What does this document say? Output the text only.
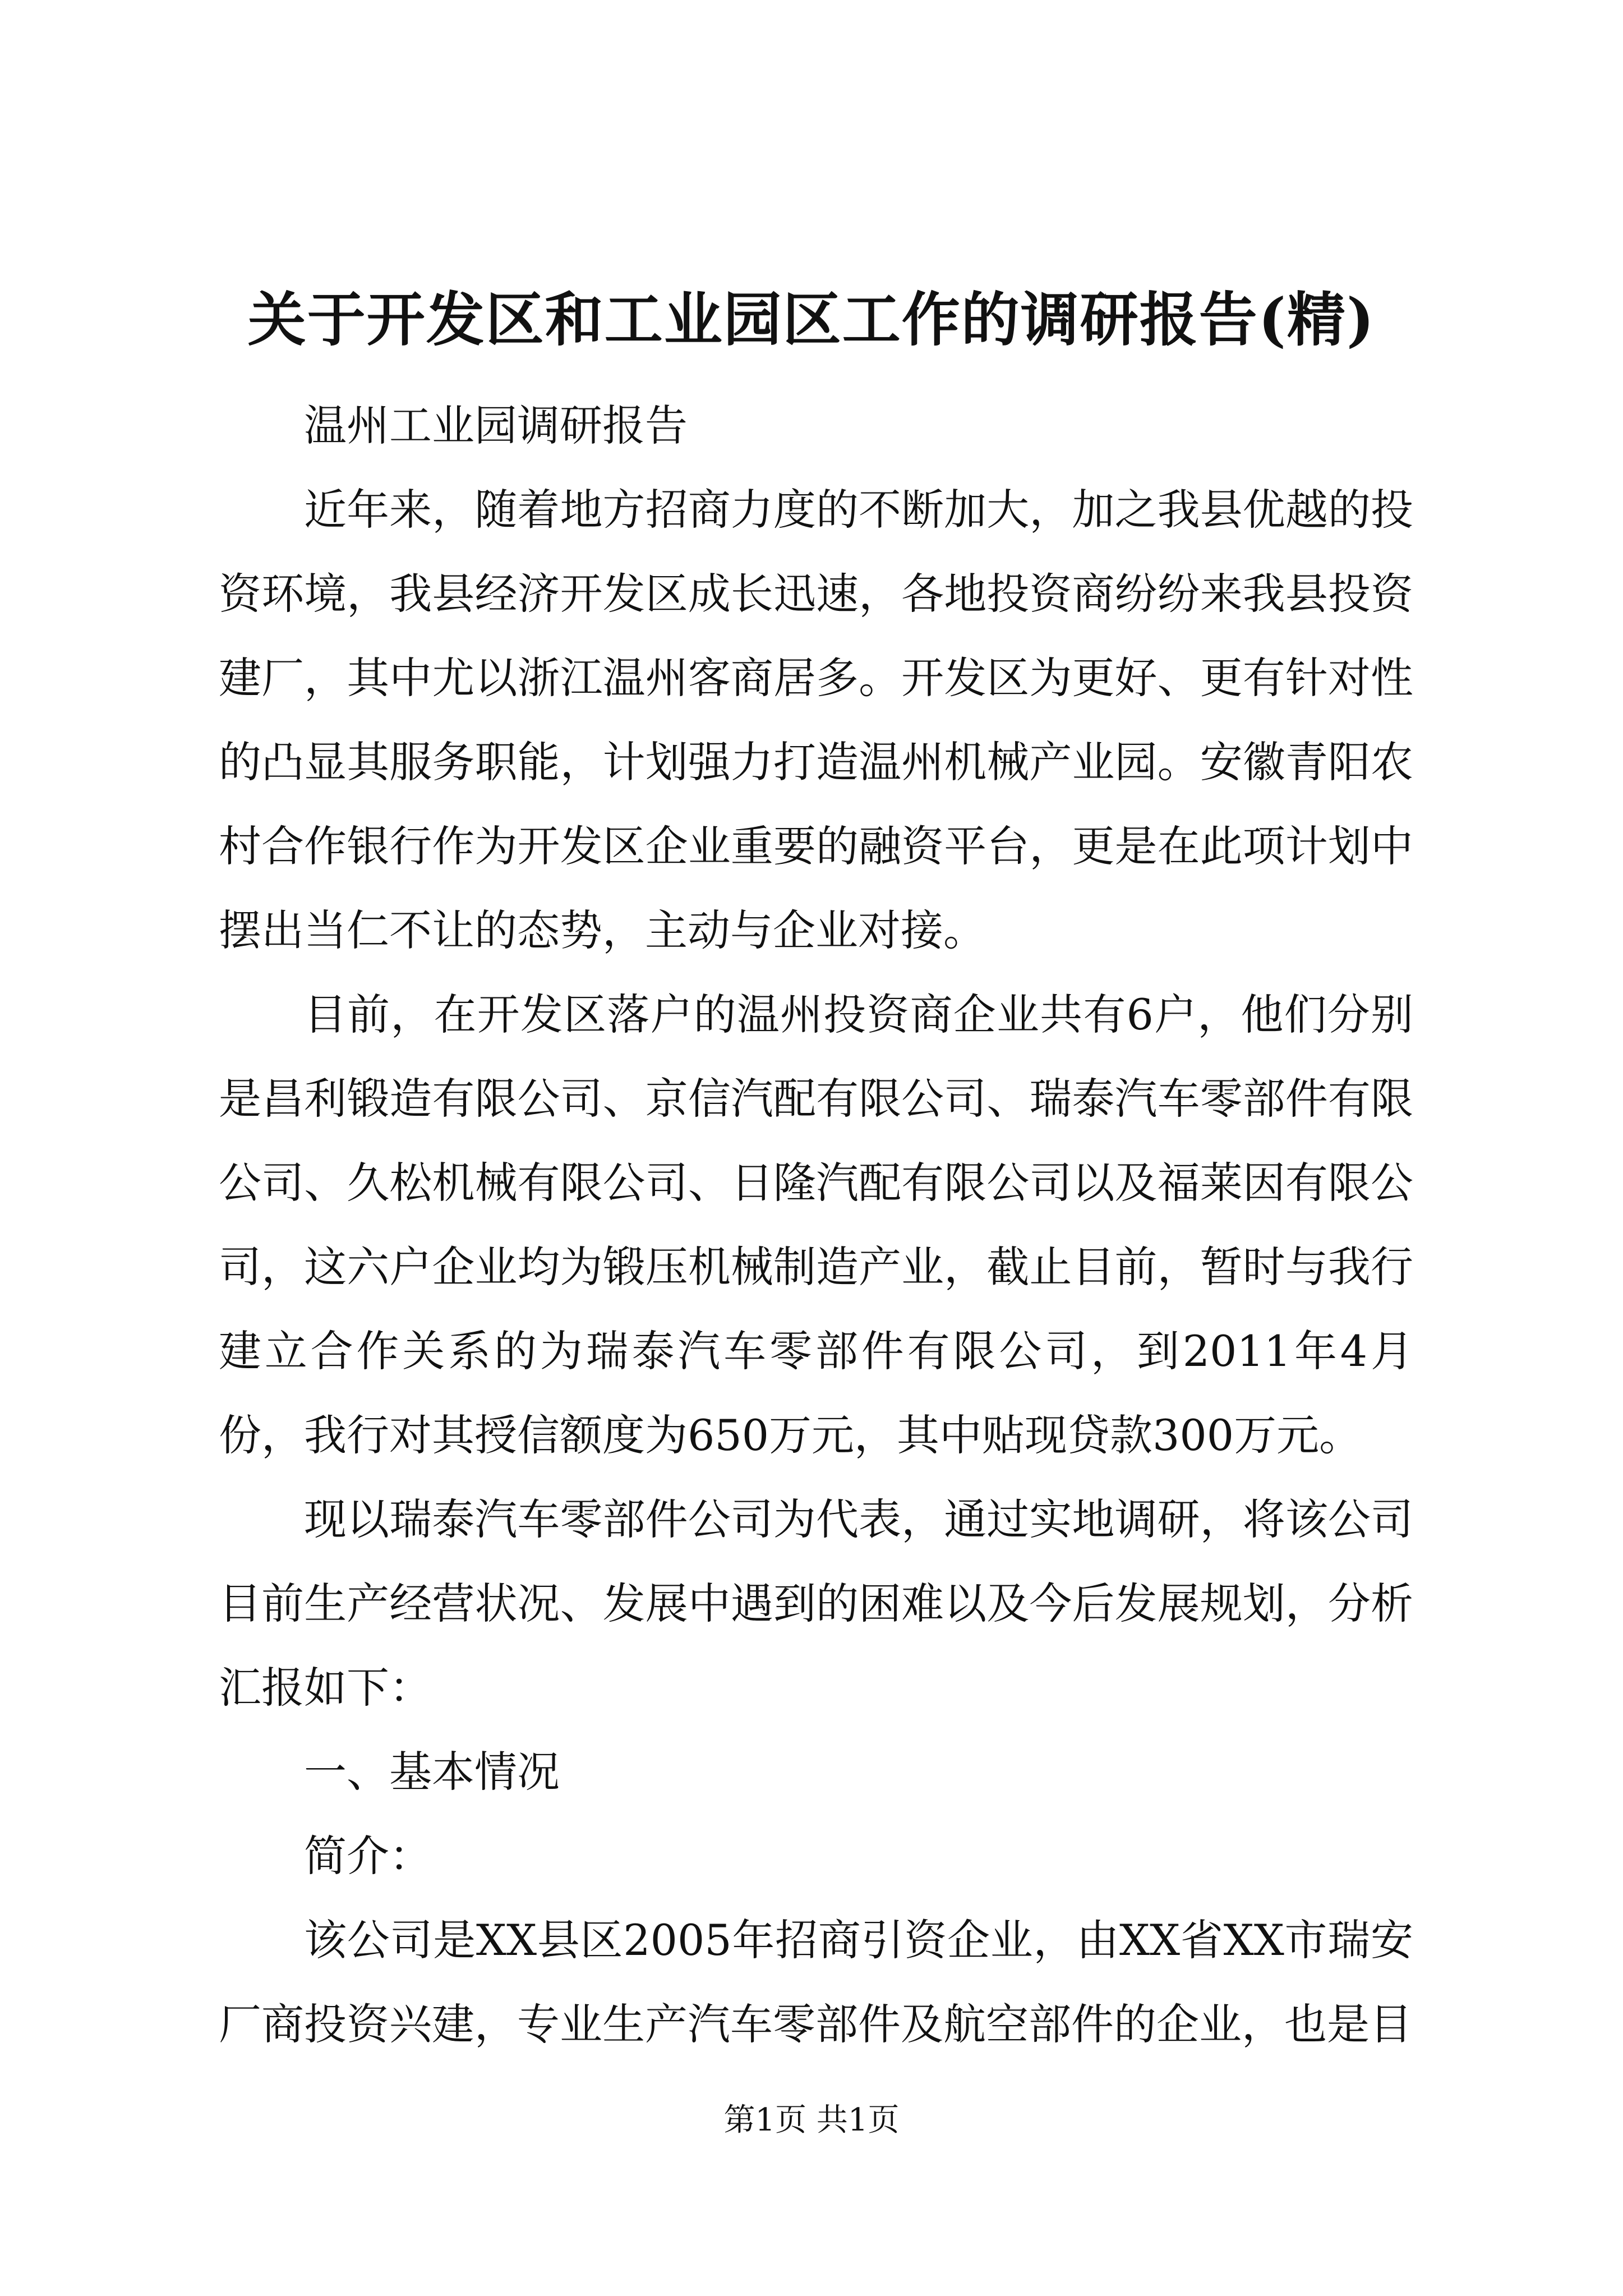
关于开发区和工业园区工作的调研报告(精)

温州工业园调研报告

近年来，随着地方招商力度的不断加大，加之我县优越的投资环境，我县经济开发区成长迅速，各地投资商纷纷来我县投资建厂，其中尤以浙江温州客商居多。开发区为更好、更有针对性的凸显其服务职能，计划强力打造温州机械产业园。安徽青阳农村合作银行作为开发区企业重要的融资平台，更是在此项计划中摆出当仁不让的态势，主动与企业对接。

目前，在开发区落户的温州投资商企业共有6户，他们分别是昌利锻造有限公司、京信汽配有限公司、瑞泰汽车零部件有限公司、久松机械有限公司、日隆汽配有限公司以及福莱因有限公司，这六户企业均为锻压机械制造产业，截止目前，暂时与我行建立合作关系的为瑞泰汽车零部件有限公司，到2011年4月份，我行对其授信额度为650万元，其中贴现贷款300万元。

现以瑞泰汽车零部件公司为代表，通过实地调研，将该公司目前生产经营状况、发展中遇到的困难以及今后发展规划，分析汇报如下：

一、基本情况

简介：

该公司是XX县区2005年招商引资企业，由XX省XX市瑞安厂商投资兴建，专业生产汽车零部件及航空部件的企业，也是目

第1页 共1页
